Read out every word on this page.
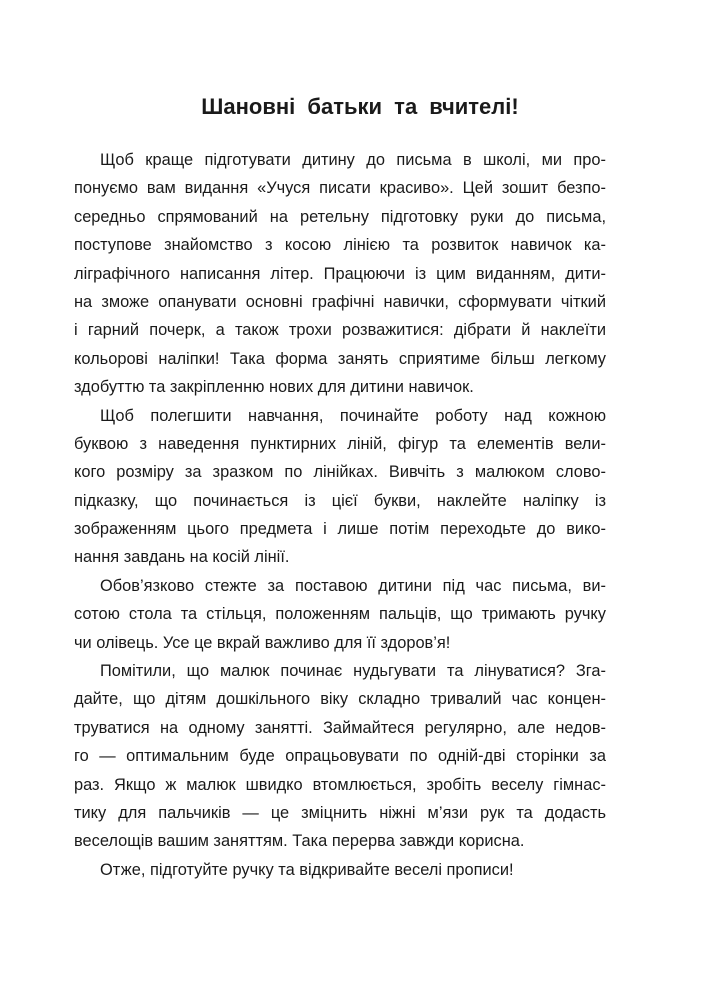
Шановні батьки та вчителі!
Щоб краще підготувати дитину до письма в школі, ми про-
понуємо вам видання «Учуся писати красиво». Цей зошит безпо-
середньо спрямований на ретельну підготовку руки до письма,
поступове знайомство з косою лінією та розвиток навичок ка-
ліграфічного написання літер. Працюючи із цим виданням, дити-
на зможе опанувати основні графічні навички, сформувати чіткий
і гарний почерк, а також трохи розважитися: дібрати й наклеїти
кольорові наліпки! Така форма занять сприятиме більш легкому
здобуттю та закріпленню нових для дитини навичок.
Щоб полегшити навчання, починайте роботу над кожною
буквою з наведення пунктирних ліній, фігур та елементів вели-
кого розміру за зразком по лінійках. Вивчіть з малюком слово-
підказку, що починається із цієї букви, наклейте наліпку із
зображенням цього предмета і лише потім переходьте до вико-
нання завдань на косій лінії.
Обов’язково стежте за поставою дитини під час письма, ви-
сотою стола та стільця, положенням пальців, що тримають ручку
чи олівець. Усе це вкрай важливо для її здоров’я!
Помітили, що малюк починає нудьгувати та лінуватися? Зга-
дайте, що дітям дошкільного віку складно тривалий час концен-
труватися на одному занятті. Займайтеся регулярно, але недов-
го — оптимальним буде опрацьовувати по одній-дві сторінки за
раз. Якщо ж малюк швидко втомлюється, зробіть веселу гімнас-
тику для пальчиків — це зміцнить ніжні м’язи рук та додасть
веселощів вашим заняттям. Така перерва завжди корисна.
Отже, підготуйте ручку та відкривайте веселі прописи!
